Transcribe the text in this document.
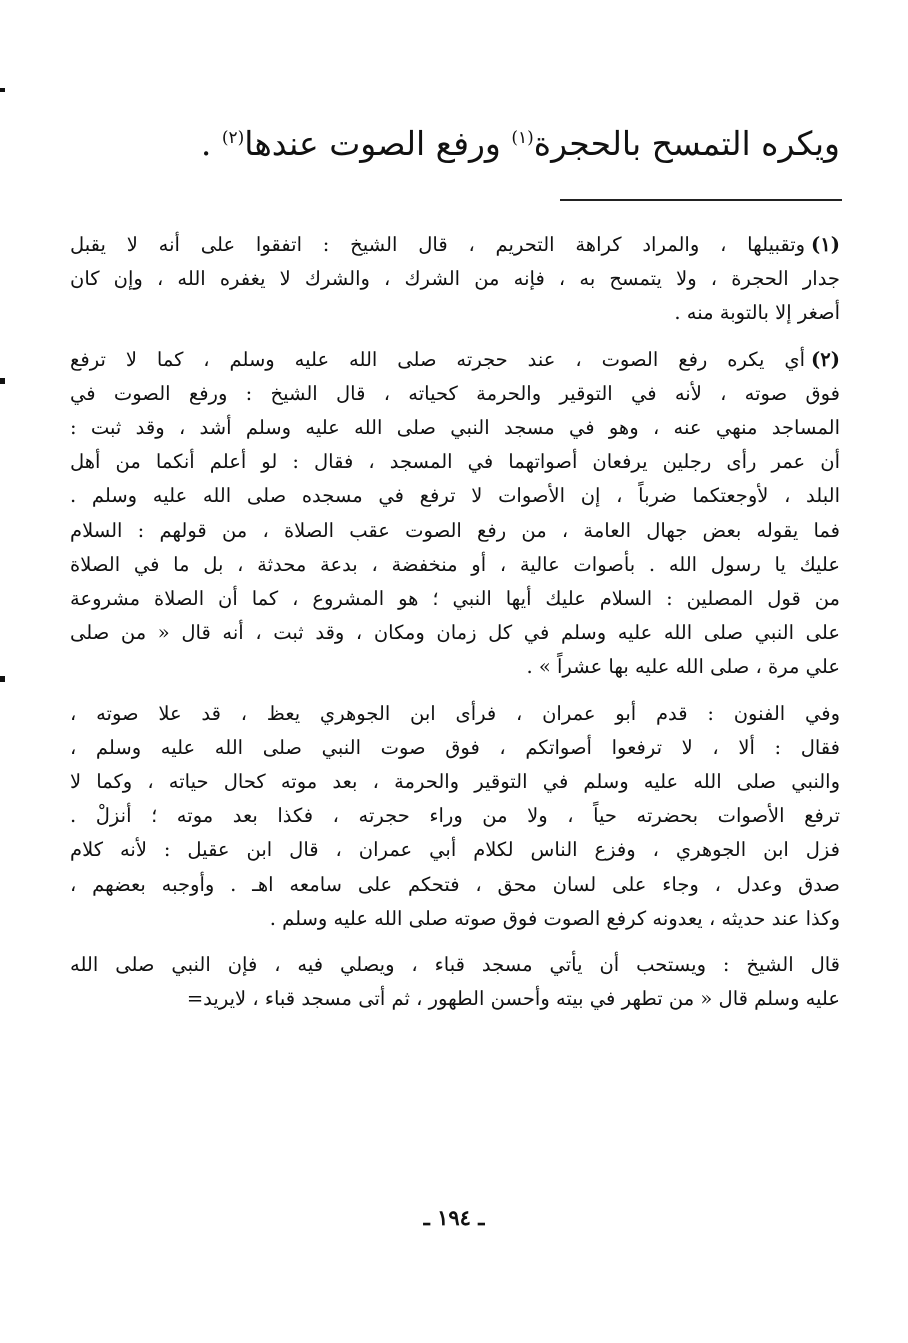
ويكره التمسح بالحجرة$^{(١)}$ ورفع الصوت عندها$^{(٢)}$ .

(١)وتقبيلها ، والمراد كراهة التحريم ، قال الشيخ : اتفقوا على أنه لا يقبل
جدار الحجرة ، ولا يتمسح به ، فإنه من الشرك ، والشرك لا يغفره الله ، وإن كان
أصغر إلا بالتوبة منه .

(٢)أي يكره رفع الصوت ، عند حجرته صلى الله عليه وسلم ، كما لا ترفع
فوق صوته ، لأنه في التوقير والحرمة كحياته ، قال الشيخ : ورفع الصوت في
المساجد منهي عنه ، وهو في مسجد النبي صلى الله عليه وسلم أشد ، وقد ثبت :
أن عمر رأى رجلين يرفعان أصواتهما في المسجد ، فقال : لو أعلم أنكما من أهل
البلد ، لأوجعتكما ضرباً ، إن الأصوات لا ترفع في مسجده صلى الله عليه وسلم .
فما يقوله بعض جهال العامة ، من رفع الصوت عقب الصلاة ، من قولهم : السلام
عليك يا رسول الله . بأصوات عالية ، أو منخفضة ، بدعة محدثة ، بل ما في الصلاة
من قول المصلين : السلام عليك أيها النبي ؛ هو المشروع ، كما أن الصلاة مشروعة
على النبي صلى الله عليه وسلم في كل زمان ومكان ، وقد ثبت ، أنه قال « من صلى
علي مرة ، صلى الله عليه بها عشراً » .

وفي الفنون : قدم أبو عمران ، فرأى ابن الجوهري يعظ ، قد علا صوته ،
فقال : ألا ، لا ترفعوا أصواتكم ، فوق صوت النبي صلى الله عليه وسلم ،
والنبي صلى الله عليه وسلم في التوقير والحرمة ، بعد موته كحال حياته ، وكما لا
ترفع الأصوات بحضرته حياً ، ولا من وراء حجرته ، فكذا بعد موته ؛ أنزلْ .
فزل ابن الجوهري ، وفزع الناس لكلام أبي عمران ، قال ابن عقيل : لأنه كلام
صدق وعدل ، وجاء على لسان محق ، فتحكم على سامعه اهـ . وأوجبه بعضهم ،
وكذا عند حديثه ، يعدونه كرفع الصوت فوق صوته صلى الله عليه وسلم .

قال الشيخ : ويستحب أن يأتي مسجد قباء ، ويصلي فيه ، فإن النبي صلى الله
عليه وسلم قال « من تطهر في بيته وأحسن الطهور ، ثم أتى مسجد قباء ، لايريد=

ـ ١٩٤ ـ
